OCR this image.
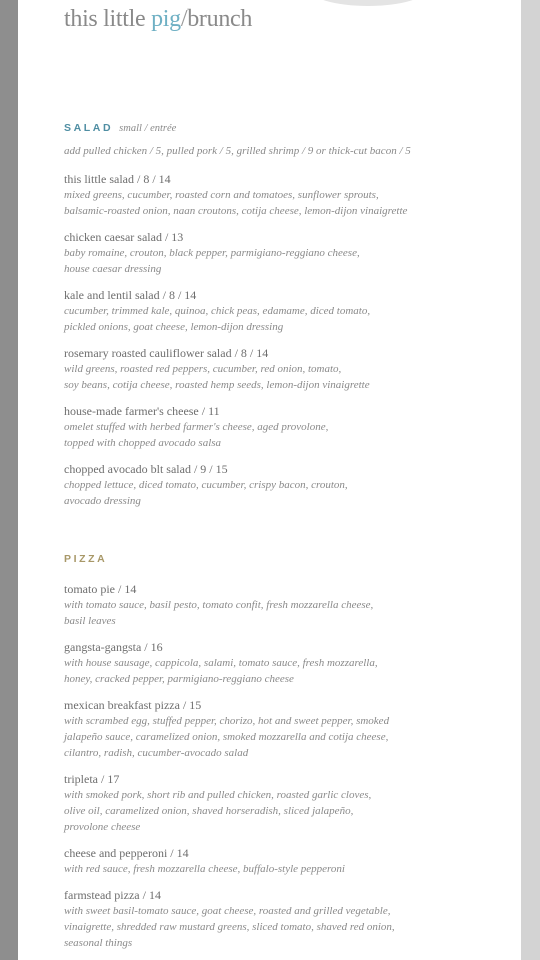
this little pig/brunch
SALAD small / entrée
add pulled chicken / 5, pulled pork / 5, grilled shrimp / 9 or thick-cut bacon / 5
this little salad / 8 / 14
mixed greens, cucumber, roasted corn and tomatoes, sunflower sprouts,
balsamic-roasted onion, naan croutons, cotija cheese, lemon-dijon vinaigrette
chicken caesar salad / 13
baby romaine, crouton, black pepper, parmigiano-reggiano cheese,
house caesar dressing
kale and lentil salad / 8 / 14
cucumber, trimmed kale, quinoa, chick peas, edamame, diced tomato,
pickled onions, goat cheese, lemon-dijon dressing
rosemary roasted cauliflower salad / 8 / 14
wild greens, roasted red peppers, cucumber, red onion, tomato,
soy beans, cotija cheese, roasted hemp seeds, lemon-dijon vinaigrette
house-made farmer's cheese / 11
omelet stuffed with herbed farmer's cheese, aged provolone,
topped with chopped avocado salsa
chopped avocado blt salad / 9 / 15
chopped lettuce, diced tomato, cucumber, crispy bacon, crouton,
avocado dressing
PIZZA
tomato pie / 14
with tomato sauce, basil pesto, tomato confit, fresh mozzarella cheese,
basil leaves
gangsta-gangsta / 16
with house sausage, cappicola, salami, tomato sauce, fresh mozzarella,
honey, cracked pepper, parmigiano-reggiano cheese
mexican breakfast pizza / 15
with scrambed egg, stuffed pepper, chorizo, hot and sweet pepper, smoked
jalapeño sauce, caramelized onion, smoked mozzarella and cotija cheese,
cilantro, radish, cucumber-avocado salad
tripleta / 17
with smoked pork, short rib and pulled chicken, roasted garlic cloves,
olive oil, caramelized onion, shaved horseradish, sliced jalapeño,
provolone cheese
cheese and pepperoni / 14
with red sauce, fresh mozzarella cheese, buffalo-style pepperoni
farmstead pizza / 14
with sweet basil-tomato sauce, goat cheese, roasted and grilled vegetable,
vinaigrette, shredded raw mustard greens, sliced tomato, shaved red onion,
seasonal things
